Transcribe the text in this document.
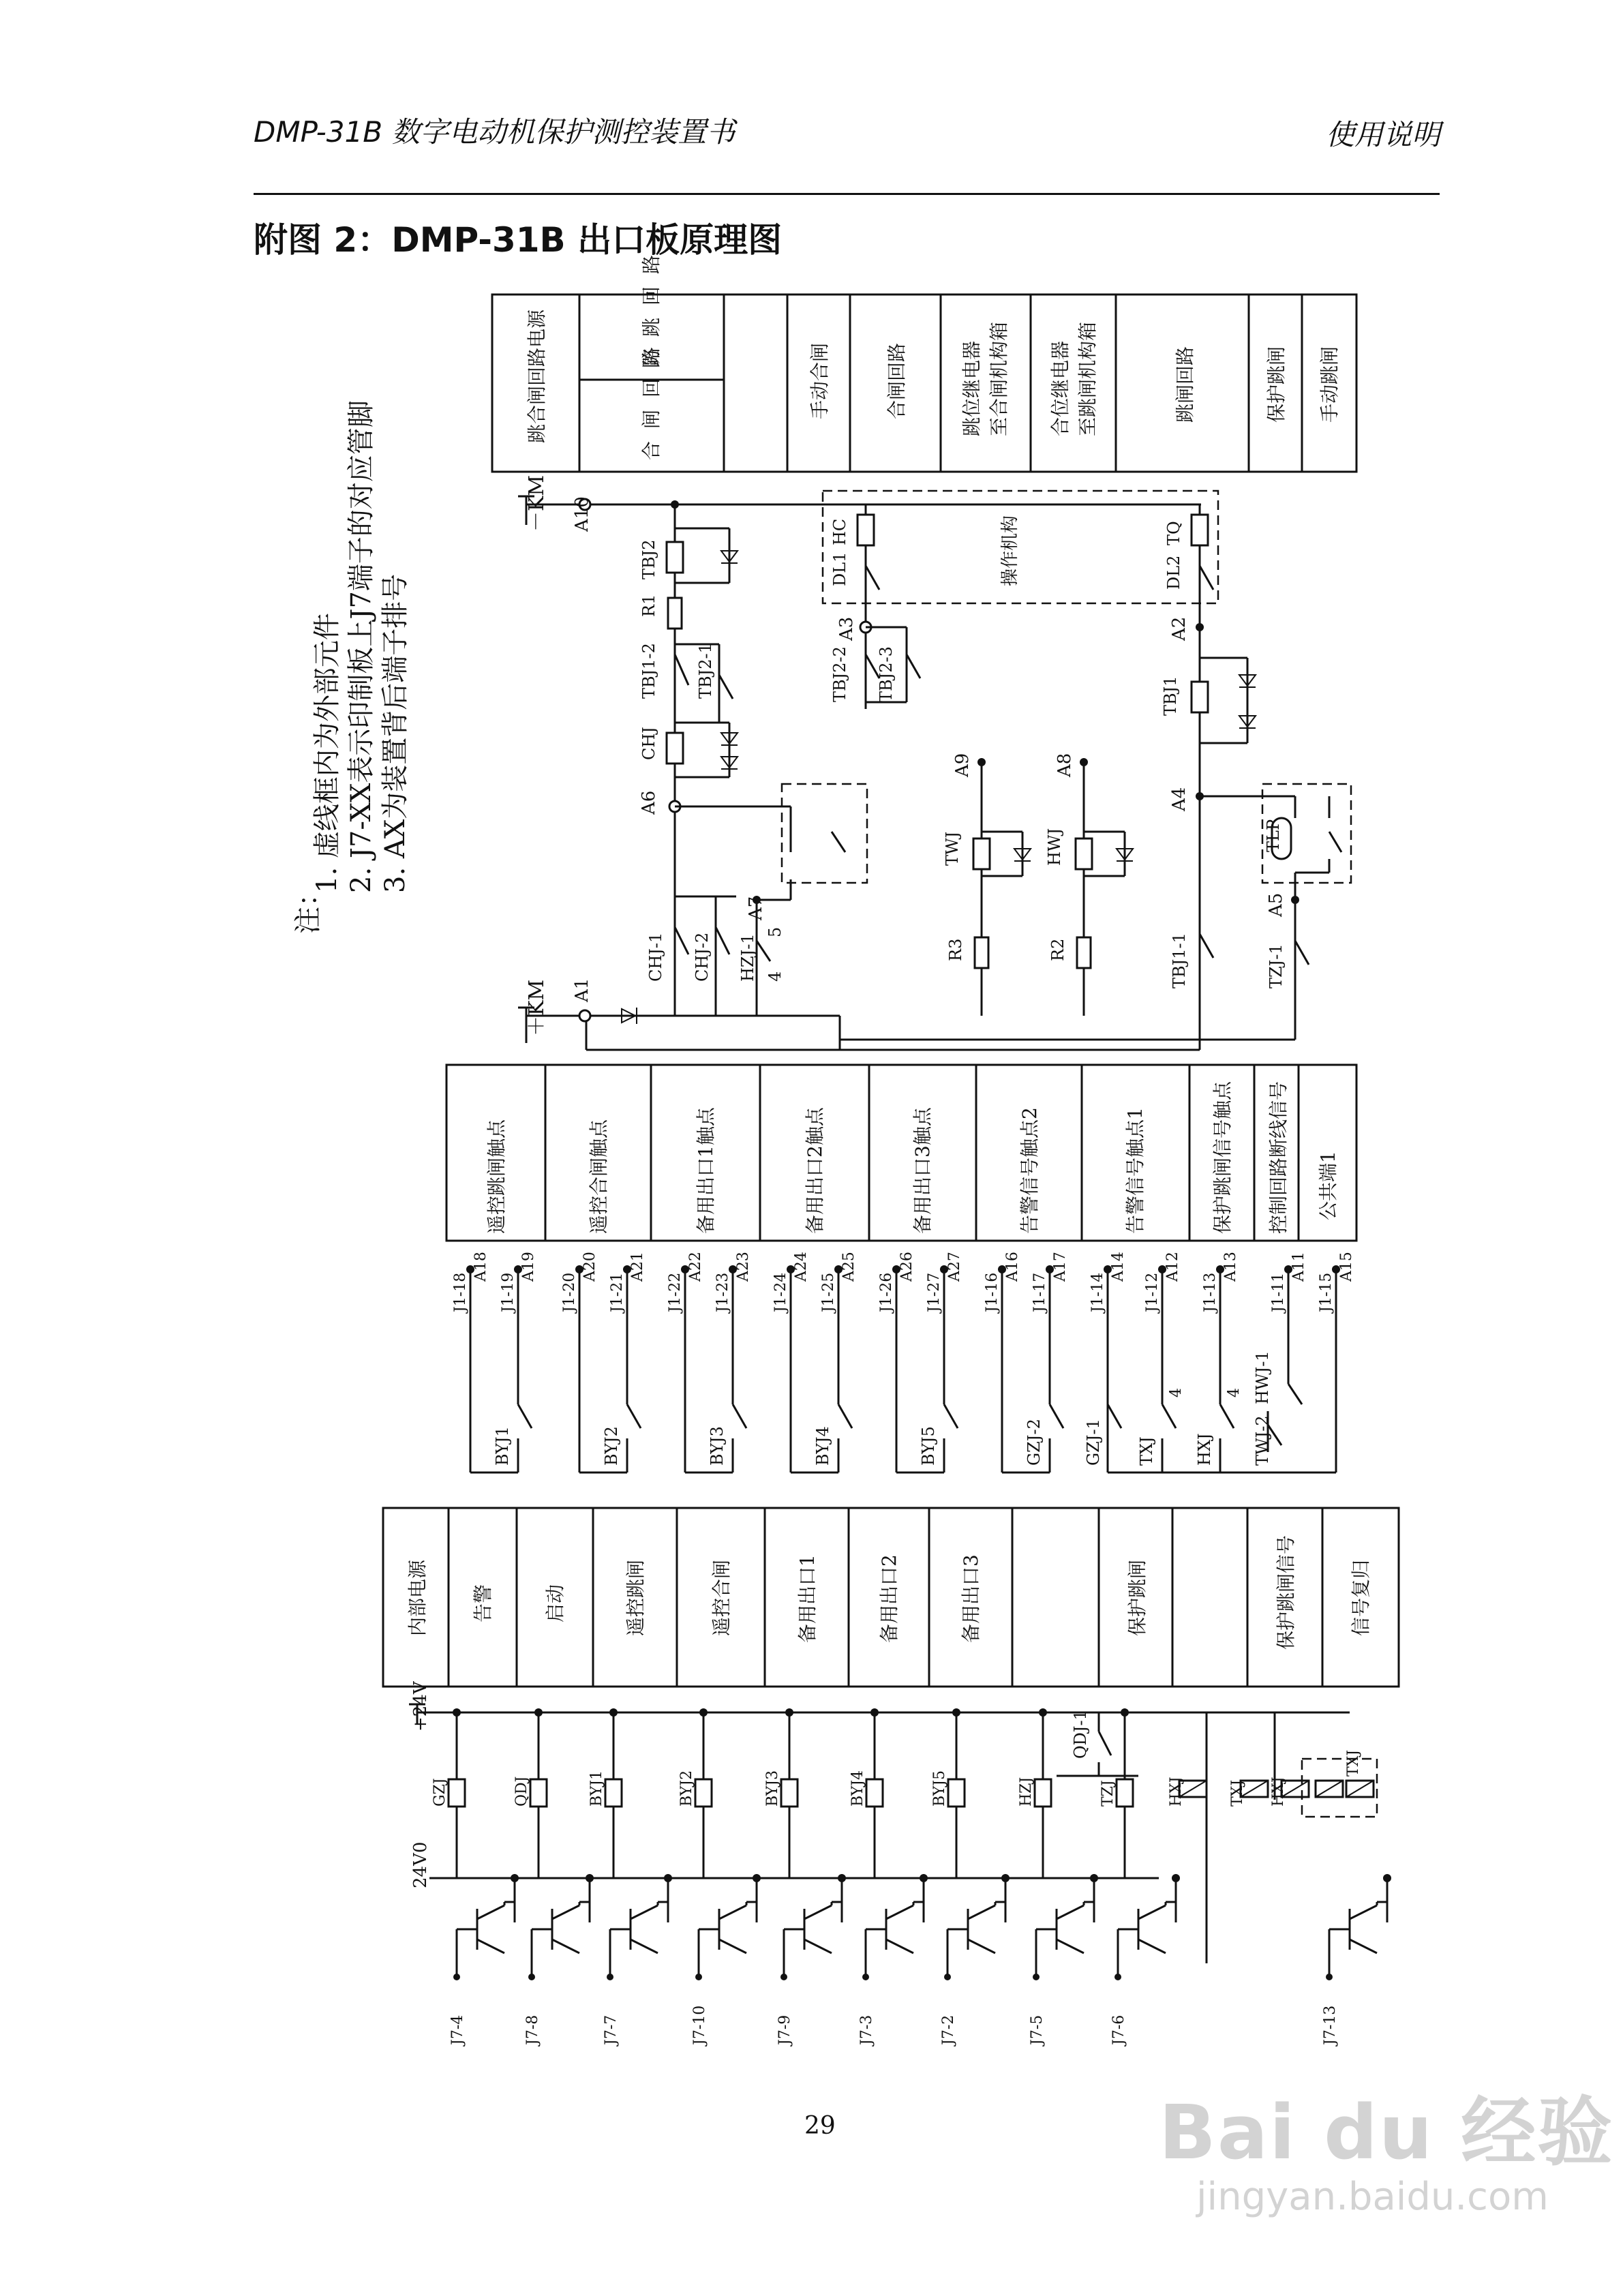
DMP-31B 数字电动机保护测控装置书	使用说明
附图 2：DMP-31B 出口板原理图
注：
1. 虚线框内为外部元件 2. J7-XX表示印制板上J7端子的对应管脚 3. AX为装置背后端子排号
跳合闸回路电源
防跳回路
合闸回路	手动合闸	合闸回路	跳位继电器 至合闸机构箱 合位继电器 至跳闸机构箱	跳闸回路	保护跳闸 手动跳闸
－KM
＋KM
A10
A1
TBJ2
R1
TBJ1-2
CHJ
A6
CHJ-1 CHJ-2
TBJ2-1
A7
HZJ-1 4
5
操作机构
HC
DL1
A3
TBJ2-2 TBJ2-3
A9
TWJ
R3
A8
HWJ
R2
TQ
DL2
A2
TBJ1
A4
TBJ1-1
TLP
A5
TZJ-1
遥控跳闸触点	遥控合闸触点	备用出口1触点	备用出口2触点	备用出口3触点	告警信号触点2	告警信号触点1	保护跳闸信号触点 控制回路断线信号 公共端1
J1-18
A18
J1-19
A19
J1-20
A20
J1-21
A21
J1-22
A22
J1-23
A23
J1-24
A24
J1-25
A25
J1-26
A26
J1-27
A27
J1-16
A16
J1-17
A17
J1-14
A14
J1-12
A12
J1-13
A13
J1-11
A11
J1-15
A15
BYJ1	BYJ2	BYJ3	BYJ4	BYJ5	GZJ-2 GZJ-1 TXJ
4
HXJ
4
TWJ-2
HWJ-1
内部电源 告警	启动	遥控跳闸	遥控合闸	备用出口1	备用出口2	备用出口3	保护跳闸	保护跳闸信号	信号复归
+24V
24V0
GZJ	QDJ	BYJ1	BYJ2	BYJ3	BYJ4	BYJ5	HZJ	TZJ	HXJ	TXJ HXJ
J7-4	J7-8	J7-7	J7-10	J7-9	J7-3	J7-2	J7-5	J7-6	J7-13
QDJ-1
TXJ
29	Bai du 经验
jingyan.baidu.com
